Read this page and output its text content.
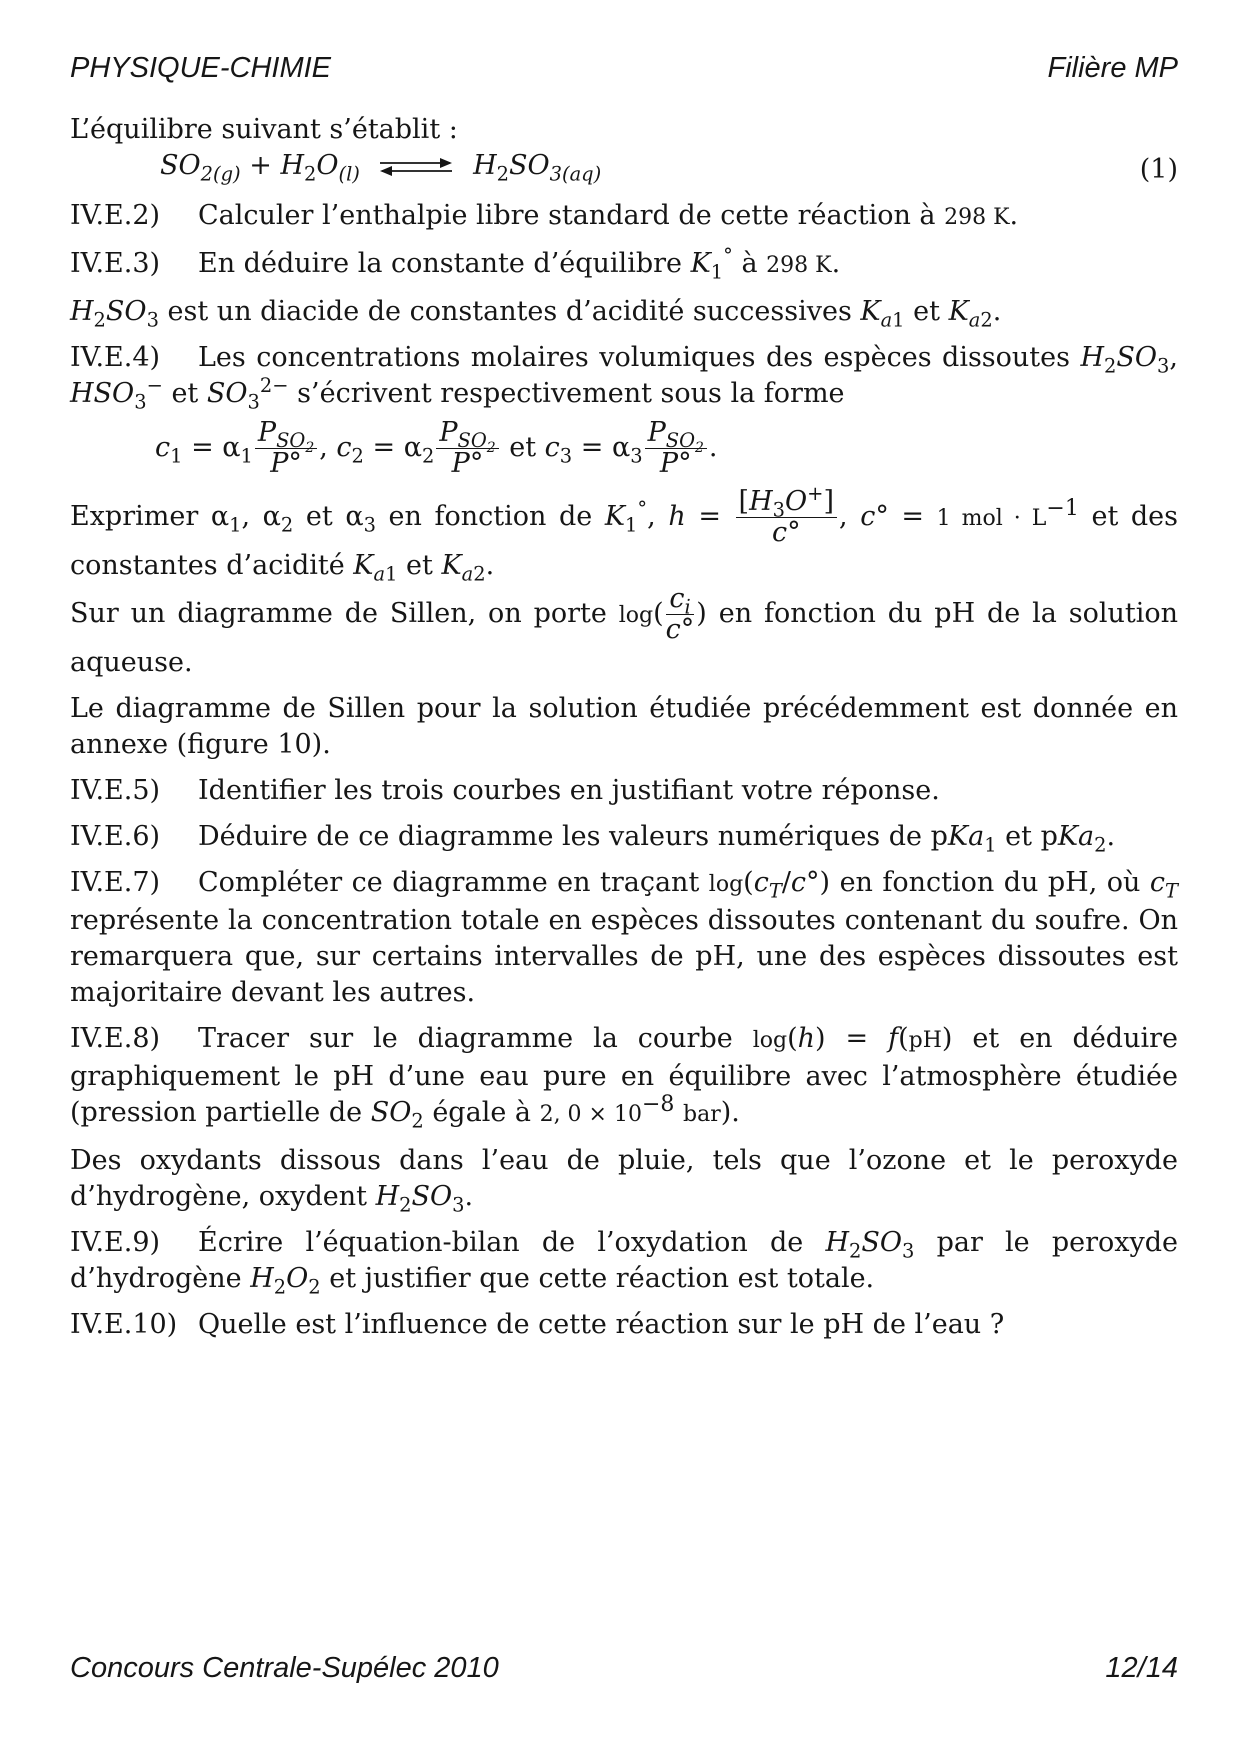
PHYSIQUE-CHIMIE	Filière MP

L’équilibre suivant s’établit :

$SO_{2(g)} + H_2O_{(l)}$ ⇌ $H_2SO_{3(aq)}$	(1)

IV.E.2) Calculer l’enthalpie libre standard de cette réaction à 298 K.

IV.E.3) En déduire la constante d’équilibre $K_1^\circ$ à 298 K.

$H_2SO_3$ est un diacide de constantes d’acidité successives $K_{a1}$ et $K_{a2}$.

IV.E.4) Les concentrations molaires volumiques des espèces dissoutes $H_2SO_3$, $HSO_3^-$ et $SO_3^{2-}$ s’écrivent respectivement sous la forme

$c_1 = \alpha_1 \frac{P_{SO_2}}{P^\circ}$ , $c_2 = \alpha_2 \frac{P_{SO_2}}{P^\circ}$ et $c_3 = \alpha_3 \frac{P_{SO_2}}{P^\circ}$ .

Exprimer $\alpha_1$, $\alpha_2$ et $\alpha_3$ en fonction de $K_1^\circ$, $h = \frac{[H_3O^+]}{c^\circ}$ , c° = 1 mol · $L^{-1}$ et des constantes d’acidité $K_{a1}$ et $K_{a2}$.

Sur un diagramme de Sillen, on porte $\log( \frac{c_i}{c^\circ}$ ) en fonction du pH de la solution aqueuse.

Le diagramme de Sillen pour la solution étudiée précédemment est donnée en annexe (figure 10).

IV.E.5) Identifier les trois courbes en justifiant votre réponse.

IV.E.6) Déduire de ce diagramme les valeurs numériques de pKa$_1$ et pKa$_2$.

IV.E.7) Compléter ce diagramme en traçant $\log(c_T/c^\circ)$ en fonction du pH, où $c_T$ représente la concentration totale en espèces dissoutes contenant du soufre. On remarquera que, sur certains intervalles de pH, une des espèces dissoutes est majoritaire devant les autres.

IV.E.8) Tracer sur le diagramme la courbe log(h) = f(pH) et en déduire graphiquement le pH d’une eau pure en équilibre avec l’atmosphère étudiée (pression partielle de $SO_2$ égale à 2, $0 \times 10^{-8}$ bar).

Des oxydants dissous dans l’eau de pluie, tels que l’ozone et le peroxyde d’hydrogène, oxydent $H_2SO_3$.

IV.E.9) Écrire l’équation-bilan de l’oxydation de $H_2SO_3$ par le peroxyde d’hydrogène $H_2O_2$ et justifier que cette réaction est totale.

IV.E.10) Quelle est l’influence de cette réaction sur le pH de l’eau ?

Concours Centrale-Supélec 2010	12/14
